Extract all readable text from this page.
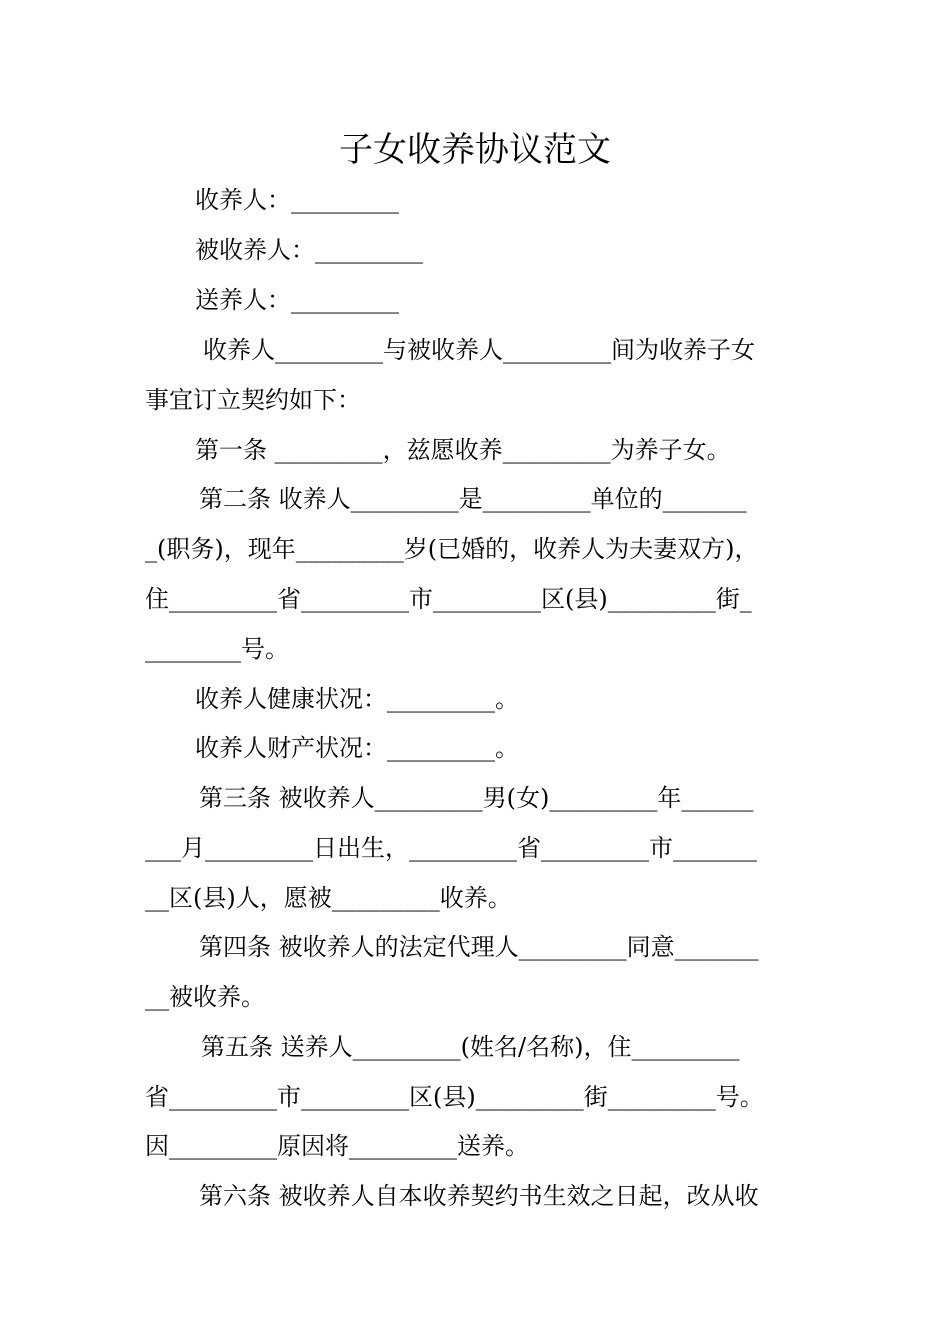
子女收养协议范文
收养人：_________
被收养人：_________
送养人：_________
收养人_________与被收养人_________间为收养子女
事宜订立契约如下：
第一条 _________，兹愿收养_________为养子女。
第二条 收养人_________是_________单位的_______
_(职务)，现年_________岁(已婚的，收养人为夫妻双方)，
住_________省_________市_________区(县)_________街_
________号。
收养人健康状况：_________。
收养人财产状况：_________。
第三条 被收养人_________男(女)_________年______
___月_________日出生，_________省_________市_______
__区(县)人，愿被_________收养。
第四条 被收养人的法定代理人_________同意_______
__被收养。
第五条 送养人_________(姓名/名称)，住_________
省_________市_________区(县)_________街_________号。
因_________原因将_________送养。
第六条 被收养人自本收养契约书生效之日起，改从收
